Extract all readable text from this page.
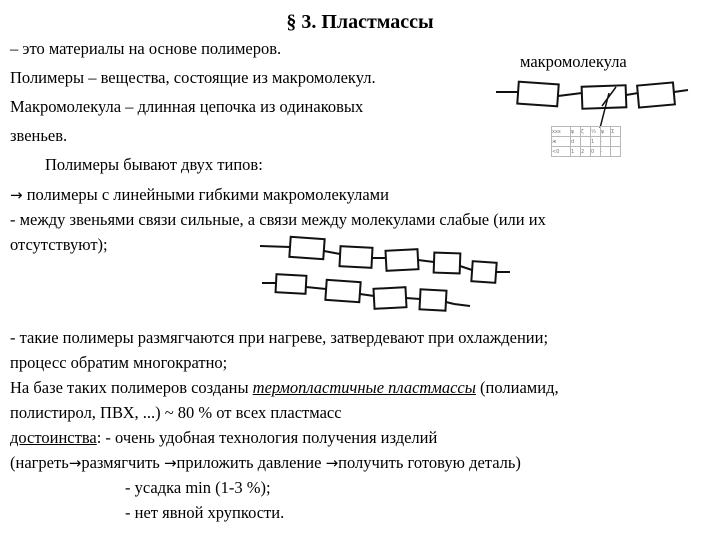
§ 3. Пластмассы
– это материалы на основе полимеров.
Полимеры – вещества, состоящие из макромолекул.
Макромолекула – длинная цепочка из одинаковых
звеньев.
Полимеры бывают двух типов:
макромолекула
ххх	ψ	ζ	⅓	ψ	Σ
ж	d		1	·	
<0	1	2	0	·	
→ полимеры с линейными гибкими макромолекулами
- между звеньями связи сильные, а связи между молекулами слабые (или их
отсутствуют);
- такие полимеры размягчаются при нагреве, затвердевают при охлаждении;
процесс обратим многократно;
На базе таких полимеров созданы термопластичные пластмассы (полиамид,
полистирол, ПВХ, ...) ~ 80 % от всех пластмасс
достоинства: - очень удобная технология получения изделий
(нагреть→размягчить →приложить давление →получить готовую деталь)
- усадка min (1-3 %);
- нет явной хрупкости.
